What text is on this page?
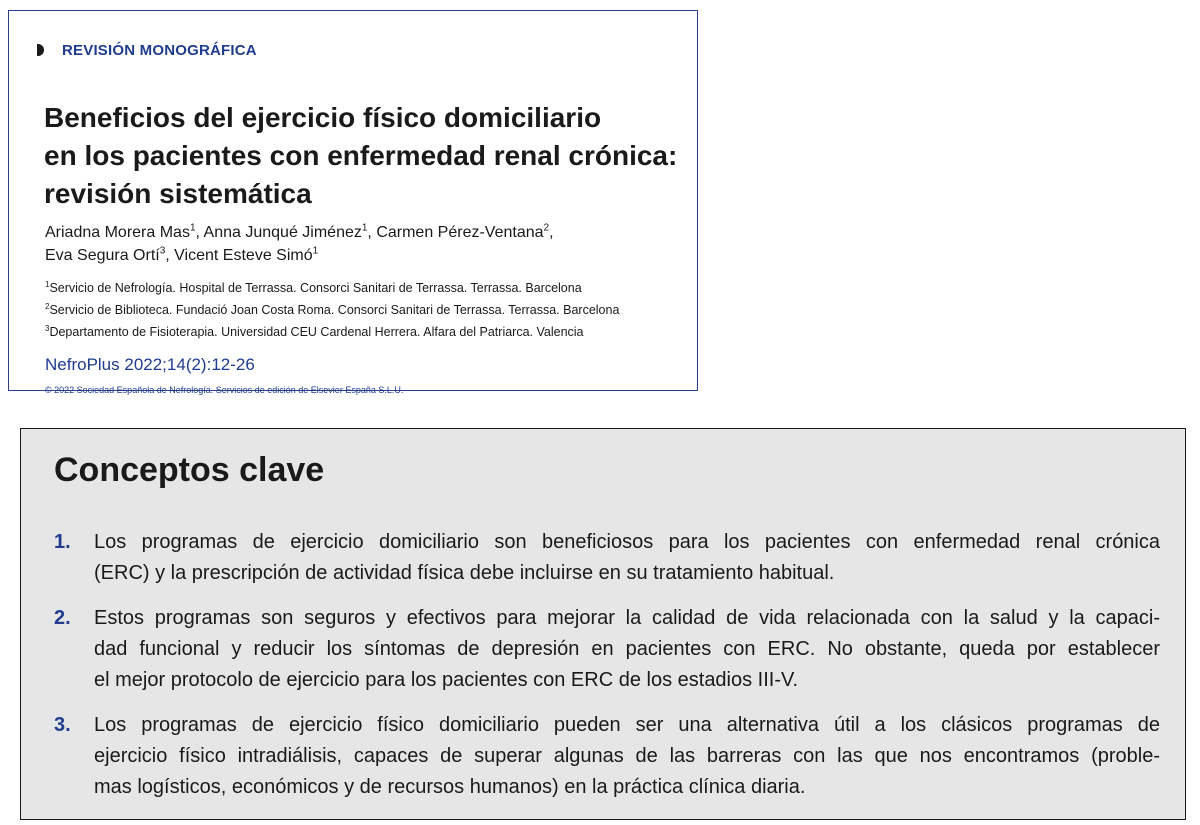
REVISIÓN MONOGRÁFICA
Beneficios del ejercicio físico domiciliario
en los pacientes con enfermedad renal crónica:
revisión sistemática
Ariadna Morera Mas$^1$, Anna Junqué Jiménez$^1$, Carmen Pérez-Ventana$^2$,
Eva Segura Ortí$^3$, Vicent Esteve Simó$^1$
$^1$Servicio de Nefrología. Hospital de Terrassa. Consorci Sanitari de Terrassa. Terrassa. Barcelona
$^2$Servicio de Biblioteca. Fundació Joan Costa Roma. Consorci Sanitari de Terrassa. Terrassa. Barcelona
$^3$Departamento de Fisioterapia. Universidad CEU Cardenal Herrera. Alfara del Patriarca. Valencia
NefroPlus 2022;14(2):12-26
© 2022 Sociedad Española de Nefrología. Servicios de edición de Elsevier España S.L.U.
Conceptos clave
1. Los programas de ejercicio domiciliario son beneficiosos para los pacientes con enfermedad renal crónica
(ERC) y la prescripción de actividad física debe incluirse en su tratamiento habitual.
2. Estos programas son seguros y efectivos para mejorar la calidad de vida relacionada con la salud y la capaci-
dad funcional y reducir los síntomas de depresión en pacientes con ERC. No obstante, queda por establecer
el mejor protocolo de ejercicio para los pacientes con ERC de los estadios III-V.
3. Los programas de ejercicio físico domiciliario pueden ser una alternativa útil a los clásicos programas de
ejercicio físico intradiálisis, capaces de superar algunas de las barreras con las que nos encontramos (proble-
mas logísticos, económicos y de recursos humanos) en la práctica clínica diaria.
